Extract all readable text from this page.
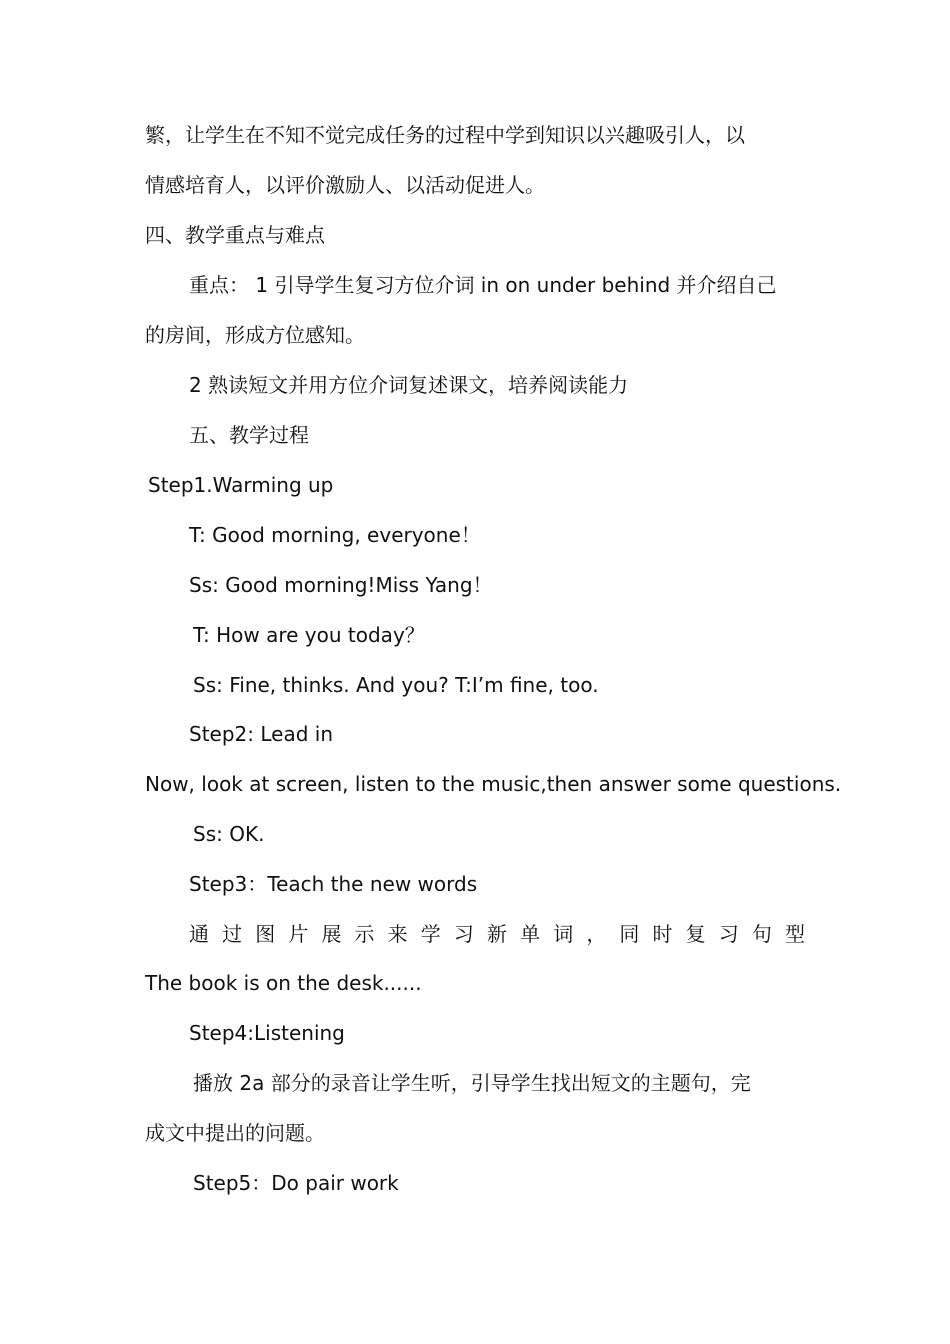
繁，让学生在不知不觉完成任务的过程中学到知识以兴趣吸引人，以
情感培育人，以评价激励人、以活动促进人。
四、教学重点与难点
重点： 1 引导学生复习方位介词 in on under behind 并介绍自己
的房间，形成方位感知。
2 熟读短文并用方位介词复述课文，培养阅读能力
五、教学过程
Step1.Warming up
T: Good morning, everyone！
Ss: Good morning!Miss Yang！
T: How are you today？
Ss: Fine, thinks. And you? T:I’m fine, too.
Step2: Lead in
Now, look at screen, listen to the music,then answer some questions.
Ss: OK.
Step3：Teach the new words
通 过 图 片 展 示 来 学 习 新 单 词 ， 同 时 复 习 句 型
The book is on the desk......
Step4:Listening
播放 2a 部分的录音让学生听，引导学生找出短文的主题句，完
成文中提出的问题。
Step5：Do pair work
